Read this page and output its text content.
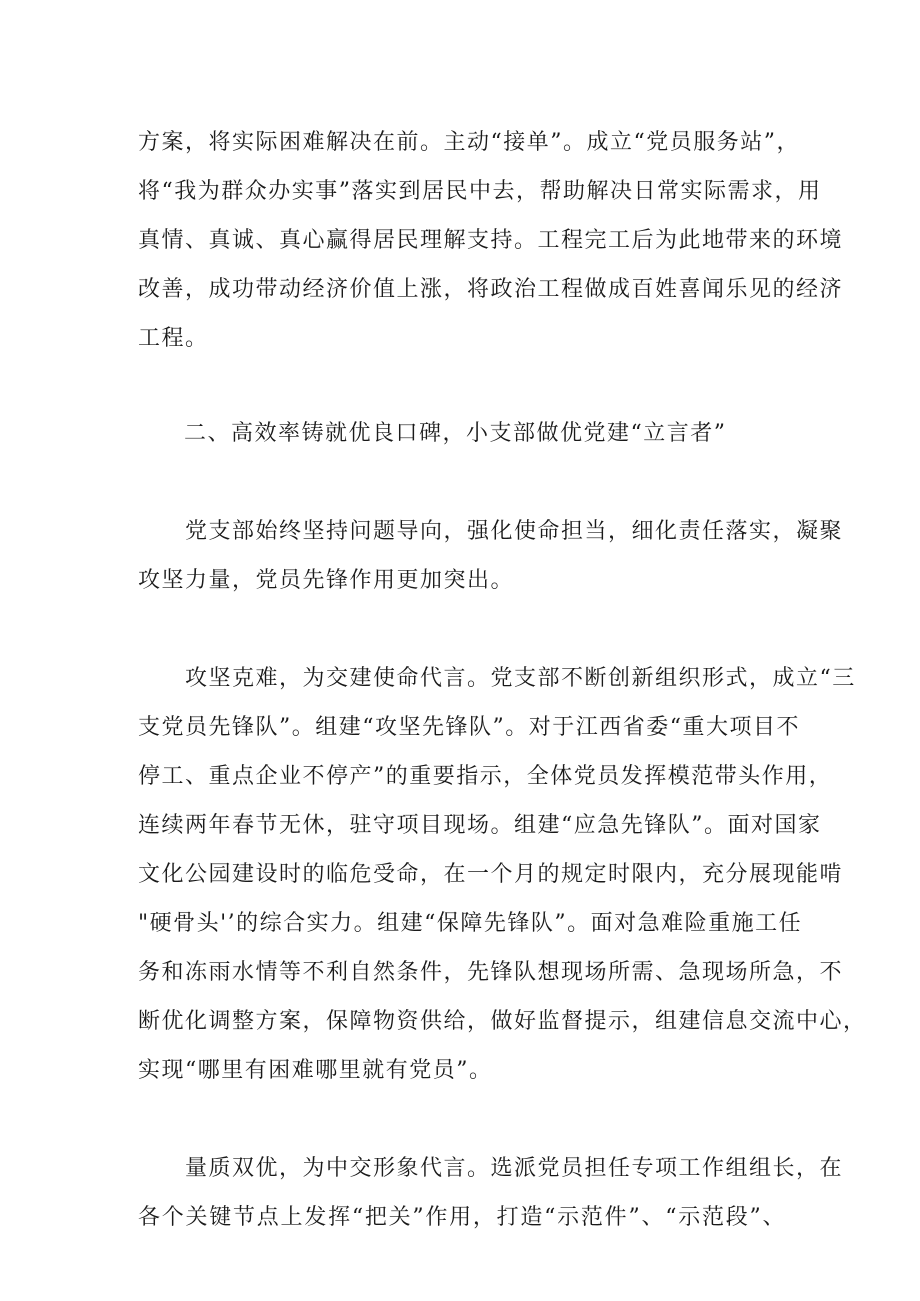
方案，将实际困难解决在前。主动“接单”。成立“党员服务站”，
将“我为群众办实事”落实到居民中去，帮助解决日常实际需求，用
真情、真诚、真心赢得居民理解支持。工程完工后为此地带来的环境
改善，成功带动经济价值上涨，将政治工程做成百姓喜闻乐见的经济
工程。

二、高效率铸就优良口碑，小支部做优党建“立言者”

　　党支部始终坚持问题导向，强化使命担当，细化责任落实，凝聚
攻坚力量，党员先锋作用更加突出。

　　攻坚克难，为交建使命代言。党支部不断创新组织形式，成立“三
支党员先锋队”。组建“攻坚先锋队”。对于江西省委“重大项目不
停工、重点企业不停产”的重要指示，全体党员发挥模范带头作用，
连续两年春节无休，驻守项目现场。组建“应急先锋队”。面对国家
文化公园建设时的临危受命，在一个月的规定时限内，充分展现能啃
"硬骨头'’的综合实力。组建“保障先锋队”。面对急难险重施工任
务和冻雨水情等不利自然条件，先锋队想现场所需、急现场所急，不
断优化调整方案，保障物资供给，做好监督提示，组建信息交流中心，
实现“哪里有困难哪里就有党员”。

　　量质双优，为中交形象代言。选派党员担任专项工作组组长，在
各个关键节点上发挥“把关”作用，打造“示范件”、“示范段”、
